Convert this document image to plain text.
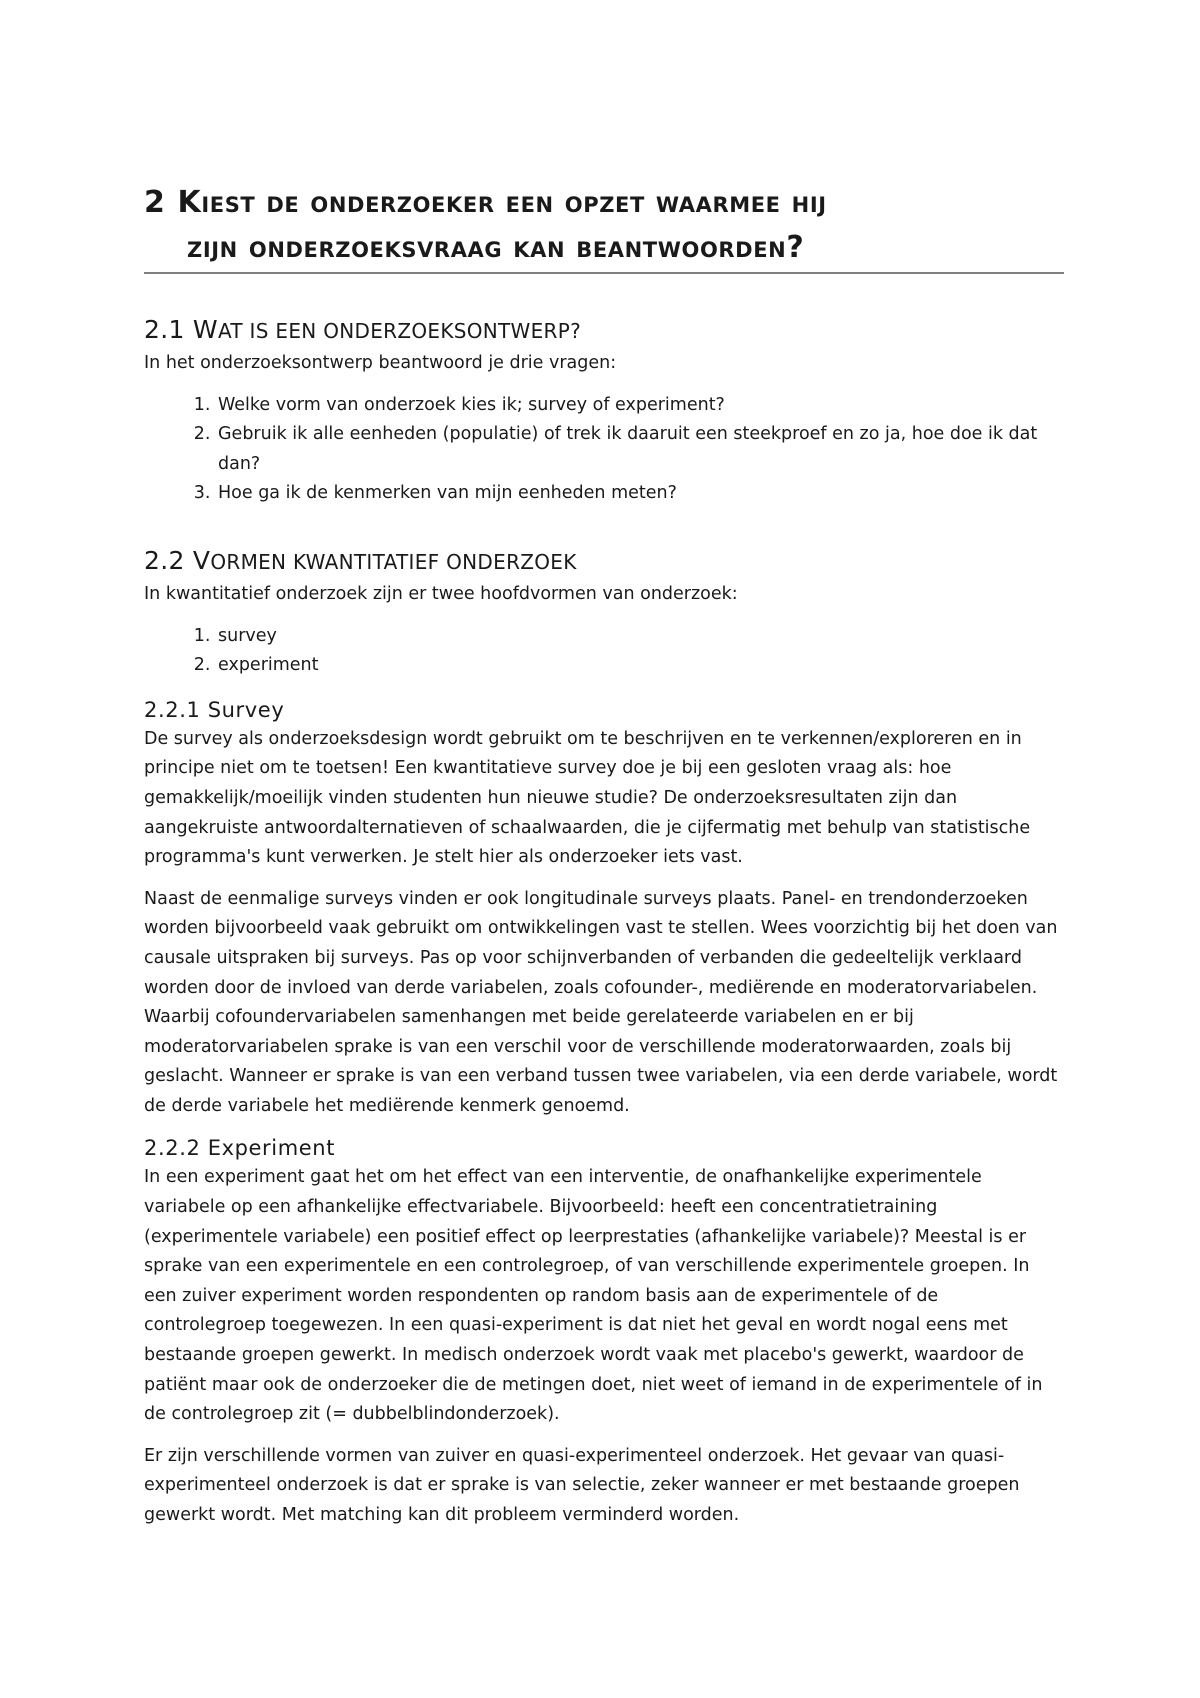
2 Kiest de onderzoeker een opzet waarmee hij
zijn onderzoeksvraag kan beantwoorden?
2.1 WAT IS EEN ONDERZOEKSONTWERP?

In het onderzoeksontwerp beantwoord je drie vragen:

1. Welke vorm van onderzoek kies ik; survey of experiment?
2. Gebruik ik alle eenheden (populatie) of trek ik daaruit een steekproef en zo ja, hoe doe ik dat dan?
3. Hoe ga ik de kenmerken van mijn eenheden meten?
2.2 VORMEN KWANTITATIEF ONDERZOEK

In kwantitatief onderzoek zijn er twee hoofdvormen van onderzoek:

1. survey
2. experiment
2.2.1 Survey

De survey als onderzoeksdesign wordt gebruikt om te beschrijven en te verkennen/exploreren en in principe niet om te toetsen! Een kwantitatieve survey doe je bij een gesloten vraag als: hoe gemakkelijk/moeilijk vinden studenten hun nieuwe studie? De onderzoeksresultaten zijn dan aangekruiste antwoordalternatieven of schaalwaarden, die je cijfermatig met behulp van statistische programma's kunt verwerken. Je stelt hier als onderzoeker iets vast.

Naast de eenmalige surveys vinden er ook longitudinale surveys plaats. Panel- en trendonderzoeken worden bijvoorbeeld vaak gebruikt om ontwikkelingen vast te stellen. Wees voorzichtig bij het doen van causale uitspraken bij surveys. Pas op voor schijnverbanden of verbanden die gedeeltelijk verklaard worden door de invloed van derde variabelen, zoals cofounder-, mediërende en moderatorvariabelen. Waarbij cofoundervariabelen samenhangen met beide gerelateerde variabelen en er bij moderatorvariabelen sprake is van een verschil voor de verschillende moderatorwaarden, zoals bij geslacht. Wanneer er sprake is van een verband tussen twee variabelen, via een derde variabele, wordt de derde variabele het mediërende kenmerk genoemd.

2.2.2 Experiment

In een experiment gaat het om het effect van een interventie, de onafhankelijke experimentele variabele op een afhankelijke effectvariabele. Bijvoorbeeld: heeft een concentratietraining (experimentele variabele) een positief effect op leerprestaties (afhankelijke variabele)? Meestal is er sprake van een experimentele en een controlegroep, of van verschillende experimentele groepen. In een zuiver experiment worden respondenten op random basis aan de experimentele of de controlegroep toegewezen. In een quasi-experiment is dat niet het geval en wordt nogal eens met bestaande groepen gewerkt. In medisch onderzoek wordt vaak met placebo's gewerkt, waardoor de patiënt maar ook de onderzoeker die de metingen doet, niet weet of iemand in de experimentele of in de controlegroep zit (= dubbelblindonderzoek).

Er zijn verschillende vormen van zuiver en quasi-experimenteel onderzoek. Het gevaar van quasi-experimenteel onderzoek is dat er sprake is van selectie, zeker wanneer er met bestaande groepen gewerkt wordt. Met matching kan dit probleem verminderd worden.
